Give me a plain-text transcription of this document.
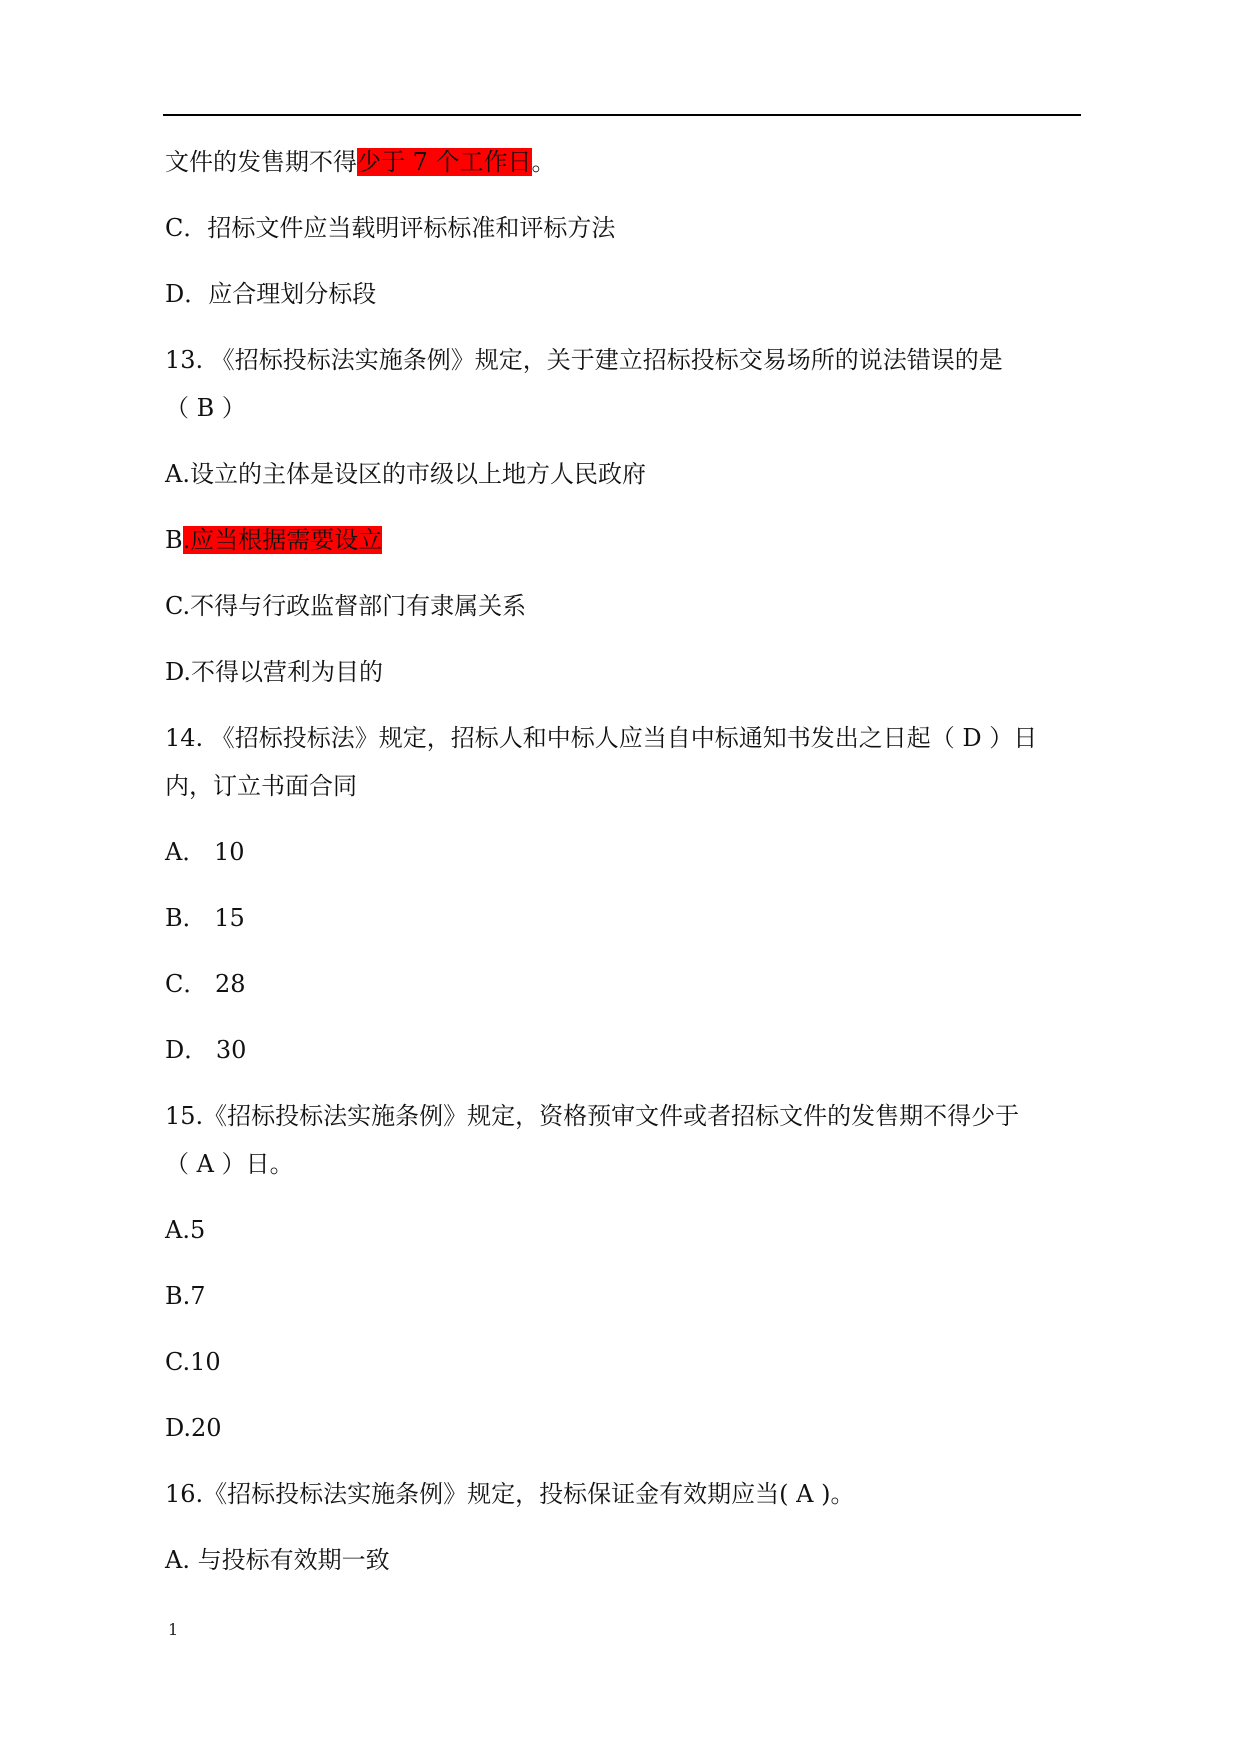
文件的发售期不得少于 7 个工作日。
C．招标文件应当载明评标标准和评标方法
D．应合理划分标段
13. 《招标投标法实施条例》规定，关于建立招标投标交易场所的说法错误的是
（ B ）
A.设立的主体是设区的市级以上地方人民政府
B.应当根据需要设立
C.不得与行政监督部门有隶属关系
D.不得以营利为目的
14. 《招标投标法》规定，招标人和中标人应当自中标通知书发出之日起（ D ）日
内，订立书面合同
A． 10
B． 15
C． 28
D． 30
15.《招标投标法实施条例》规定，资格预审文件或者招标文件的发售期不得少于
（ A ）日。
A.5
B.7
C.10
D.20
16.《招标投标法实施条例》规定，投标保证金有效期应当( A )。
A. 与投标有效期一致
1
